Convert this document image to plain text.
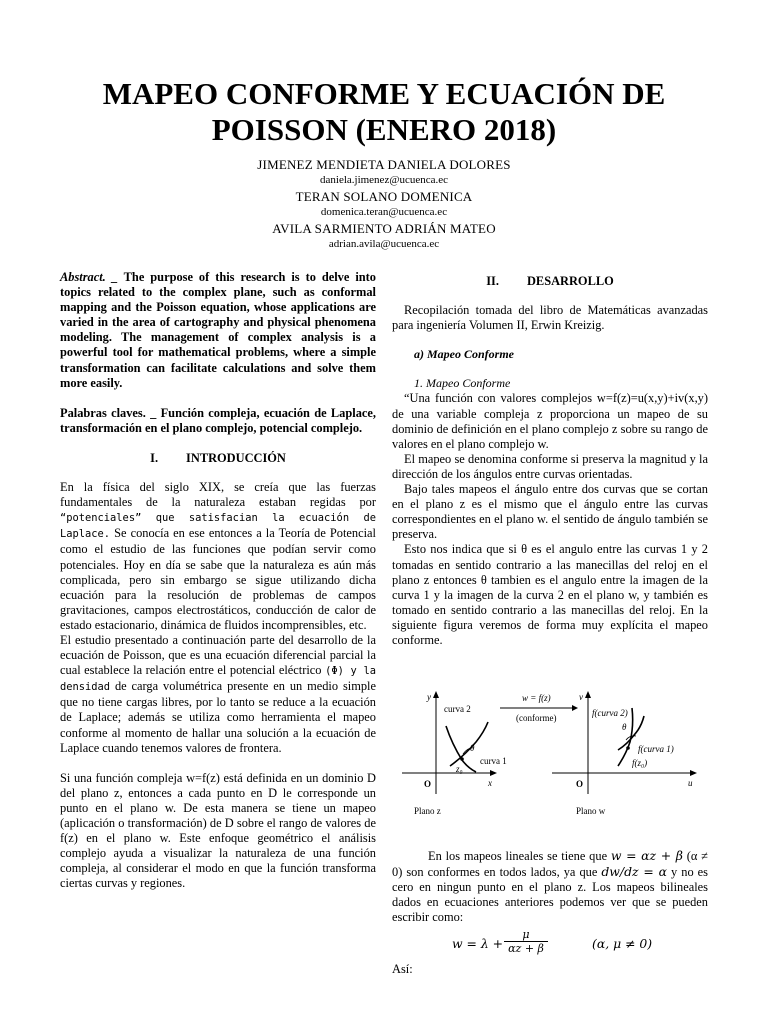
MAPEO CONFORME Y ECUACIÓN DE POISSON (ENERO 2018)
JIMENEZ MENDIETA DANIELA DOLORES
daniela.jimenez@ucuenca.ec
TERAN SOLANO DOMENICA
domenica.teran@ucuenca.ec
AVILA SARMIENTO ADRIÁN MATEO
adrian.avila@ucuenca.ec

Abstract. _ The purpose of this research is to delve into topics related to the complex plane, such as conformal mapping and the Poisson equation, whose applications are varied in the area of cartography and physical phenomena modeling. The management of complex analysis is a powerful tool for mathematical problems, where a simple transformation can facilitate calculations and solve them more easily.

Palabras claves. _ Función compleja, ecuación de Laplace, transformación en el plano complejo, potencial complejo.

I. INTRODUCCIÓN

En la física del siglo XIX, se creía que las fuerzas fundamentales de la naturaleza estaban regidas por “potenciales” que satisfacian la ecuación de Laplace. Se conocía en ese entonces a la Teoría de Potencial como el estudio de las funciones que podían servir como potenciales. Hoy en día se sabe que la naturaleza es aún más complicada, pero sin embargo se sigue utilizando dicha ecuación para la resolución de problemas de campos gravitaciones, campos electrostáticos, conducción de calor de estado estacionario, dinámica de fluidos incomprensibles, etc.

El estudio presentado a continuación parte del desarrollo de la ecuación de Poisson, que es una ecuación diferencial parcial la cual establece la relación entre el potencial eléctrico (Φ) y la densidad de carga volumétrica presente en un medio simple que no tiene cargas libres, por lo tanto se reduce a la ecuación de Laplace; además se utiliza como herramienta el mapeo conforme al momento de hallar una solución a la ecuación de Laplace cuando tenemos valores de frontera.

Si una función compleja w=f(z) está definida en un dominio D del plano z, entonces a cada punto en D le corresponde un punto en el plano w. De esta manera se tiene un mapeo (aplicación o transformación) de D sobre el rango de valores de f(z) en el plano w. Este enfoque geométrico el análisis complejo ayuda a visualizar la naturaleza de una función compleja, al considerar el modo en que la función transforma ciertas curvas y regiones.

II. DESARROLLO

Recopilación tomada del libro de Matemáticas avanzadas para ingeniería Volumen II, Erwin Kreizig.

a) Mapeo Conforme

1. Mapeo Conforme

“Una función con valores complejos w=f(z)=u(x,y)+iv(x,y) de una variable compleja z proporciona un mapeo de su dominio de definición en el plano complejo z sobre su rango de valores en el plano complejo w.

El mapeo se denomina conforme si preserva la magnitud y la dirección de los ángulos entre curvas orientadas.

Bajo tales mapeos el ángulo entre dos curvas que se cortan en el plano z es el mismo que el ángulo entre las curvas correspondientes en el plano w. el sentido de ángulo también se preserva.

Esto nos indica que si θ es el angulo entre las curvas 1 y 2 tomadas en sentido contrario a las manecillas del reloj en el plano z entonces θ tambien es el angulo entre la imagen de la curva 1 y la imagen de la curva 2 en el plano w, y también es tomado en sentido contrario a las manecillas del reloj. En la siguiente figura veremos de forma muy explícita el mapeo conforme.

w = f(z)
(conforme)
y
x
O
Plano z
curva 2
curva 1
θ
z₀
v
u
O
Plano w
f(curva 2)
f(curva 1)
θ
f(z₀)

En los mapeos lineales se tiene que w = αz + β (α ≠ 0) son conformes en todos lados, ya que dw/dz = α y no es cero en ningun punto en el plano z. Los mapeos bilineales dados en ecuaciones anteriores podemos ver que se pueden escribir como:

$w = \lambda + \frac{\mu}{\alpha z + \beta}$	(α, μ ≠ 0)

Así:
